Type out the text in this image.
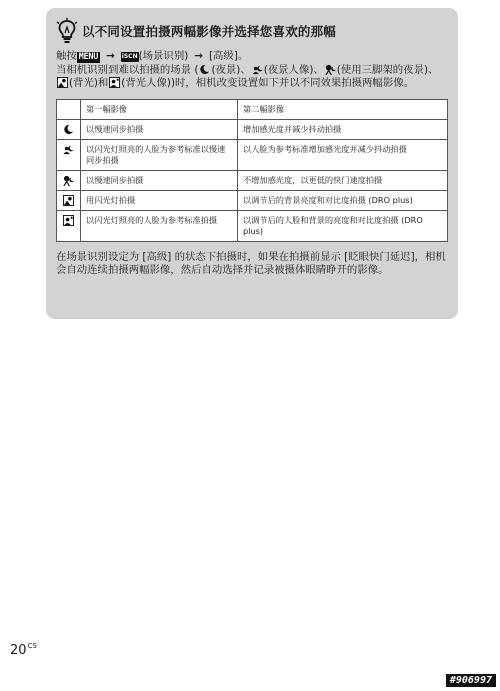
以不同设置拍摄两幅影像并选择您喜欢的那幅
触按 MENU → iSCN(场景识别) → [高级]。
当相机识别到难以拍摄的场景 ( (夜景)、 (夜景人像)、 (使用三脚架的夜景)、
(背光)和 (背光人像))时，相机改变设置如下并以不同效果拍摄两幅影像。
	第一幅影像	第二幅影像

	以慢速同步拍摄	增加感光度并减少抖动拍摄

	以闪光灯照亮的人脸为参考标准以慢速同步拍摄	以人脸为参考标准增加感光度并减少抖动拍摄

	以慢速同步拍摄	不增加感光度，以更低的快门速度拍摄

	用闪光灯拍摄	以调节后的背景亮度和对比度拍摄 (DRO plus)

	以闪光灯照亮的人脸为参考标准拍摄	以调节后的人脸和背景的亮度和对比度拍摄 (DRO plus)
在场景识别设定为 [高级] 的状态下拍摄时，如果在拍摄前显示 [眨眼快门延迟]，相机会自动连续拍摄两幅影像，然后自动选择并记录被摄体眼睛睁开的影像。
$20^{CS}$
#906997
